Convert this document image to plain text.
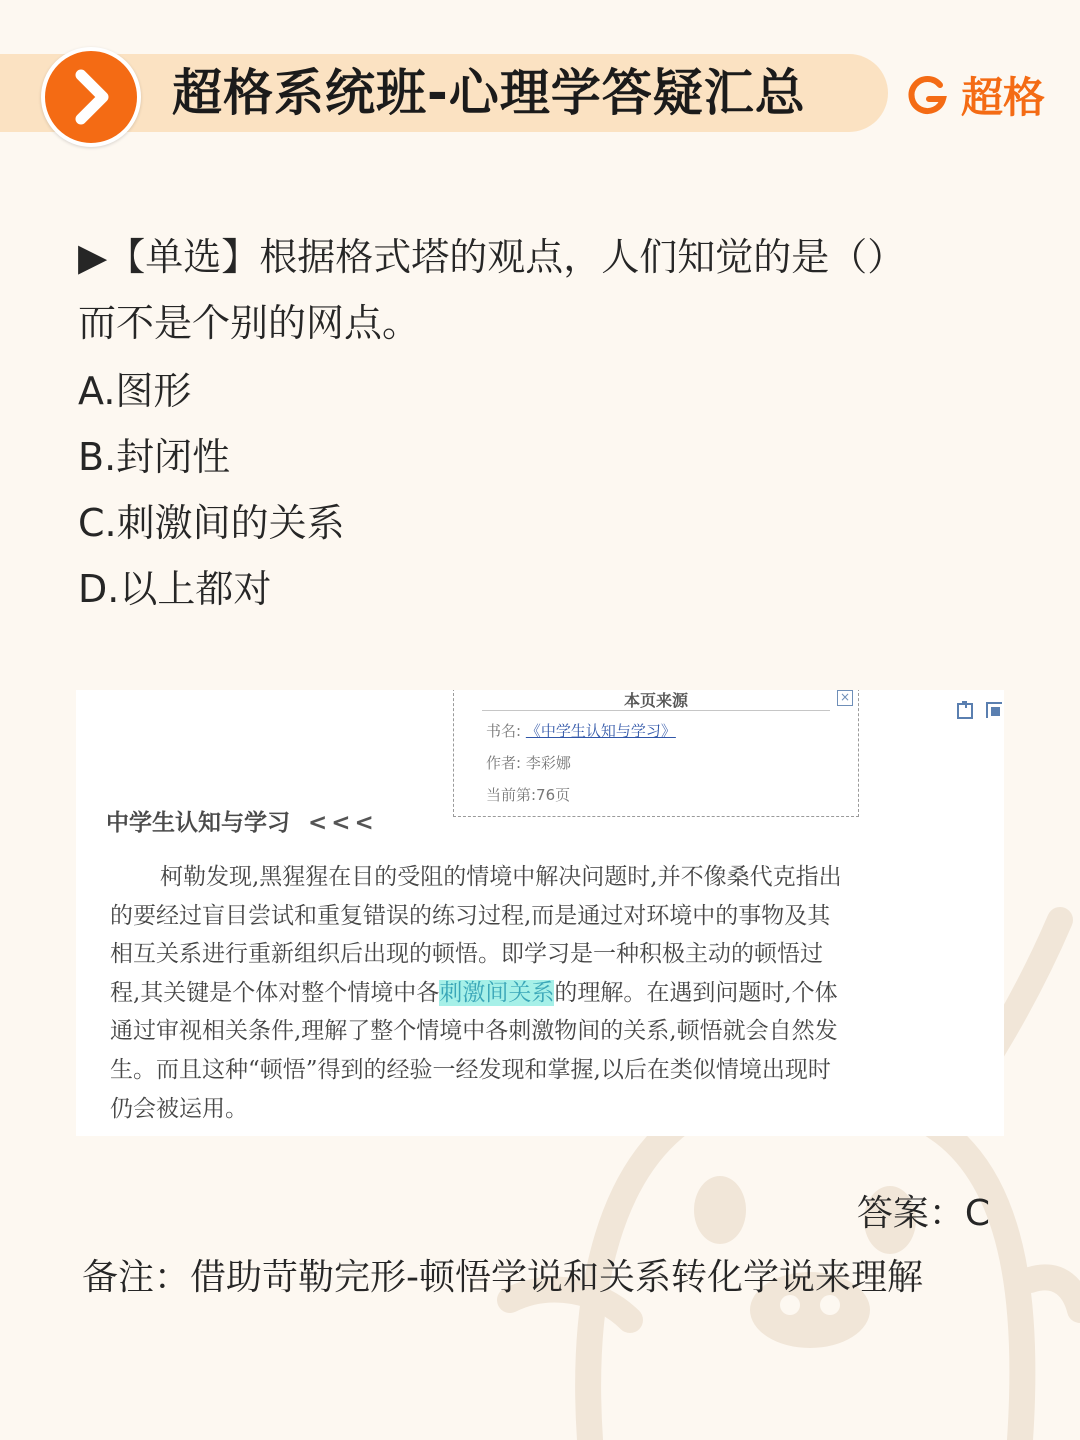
超格系统班-心理学答疑汇总	超格
▶【单选】根据格式塔的观点，人们知觉的是（）
而不是个别的网点。
A.图形
B.封闭性
C.刺激间的关系
D.以上都对
本页来源	×
书名: 《中学生认知与学习》
作者: 李彩娜
当前第:76页
中学生认知与学习 <<<
柯勒发现,黑猩猩在目的受阻的情境中解决问题时,并不像桑代克指出
的要经过盲目尝试和重复错误的练习过程,而是通过对环境中的事物及其
相互关系进行重新组织后出现的顿悟。即学习是一种积极主动的顿悟过
程,其关键是个体对整个情境中各刺激间关系的理解。在遇到问题时,个体
通过审视相关条件,理解了整个情境中各刺激物间的关系,顿悟就会自然发
生。而且这种“顿悟”得到的经验一经发现和掌握,以后在类似情境出现时
仍会被运用。
答案：C
备注：借助苛勒完形-顿悟学说和关系转化学说来理解
